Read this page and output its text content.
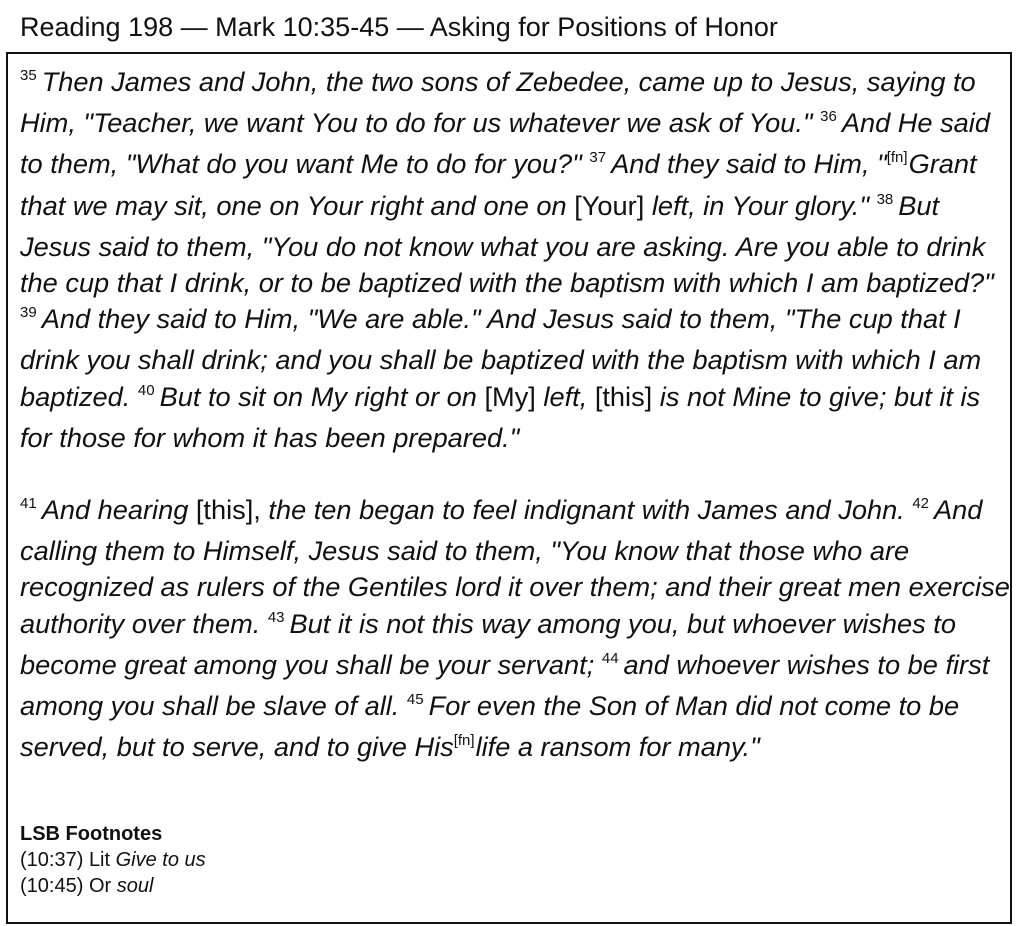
Reading 198 — Mark 10:35-45 — Asking for Positions of Honor

$^{35}$ Then James and John, the two sons of Zebedee, came up to Jesus, saying to Him, "Teacher, we want You to do for us whatever we ask of You." $^{36}$ And He said to them, "What do you want Me to do for you?" $^{37}$ And they said to Him, "[fn]Grant that we may sit, one on Your right and one on [Your] left, in Your glory." $^{38}$ But Jesus said to them, "You do not know what you are asking. Are you able to drink the cup that I drink, or to be baptized with the baptism with which I am baptized?" $^{39}$ And they said to Him, "We are able." And Jesus said to them, "The cup that I drink you shall drink; and you shall be baptized with the baptism with which I am baptized. $^{40}$ But to sit on My right or on [My] left, [this] is not Mine to give; but it is for those for whom it has been prepared."

$^{41}$ And hearing [this], the ten began to feel indignant with James and John. $^{42}$ And calling them to Himself, Jesus said to them, "You know that those who are recognized as rulers of the Gentiles lord it over them; and their great men exercise authority over them. $^{43}$ But it is not this way among you, but whoever wishes to become great among you shall be your servant; $^{44}$ and whoever wishes to be first among you shall be slave of all. $^{45}$ For even the Son of Man did not come to be served, but to serve, and to give His[fn]life a ransom for many."

LSB Footnotes
(10:37) Lit Give to us
(10:45) Or soul
